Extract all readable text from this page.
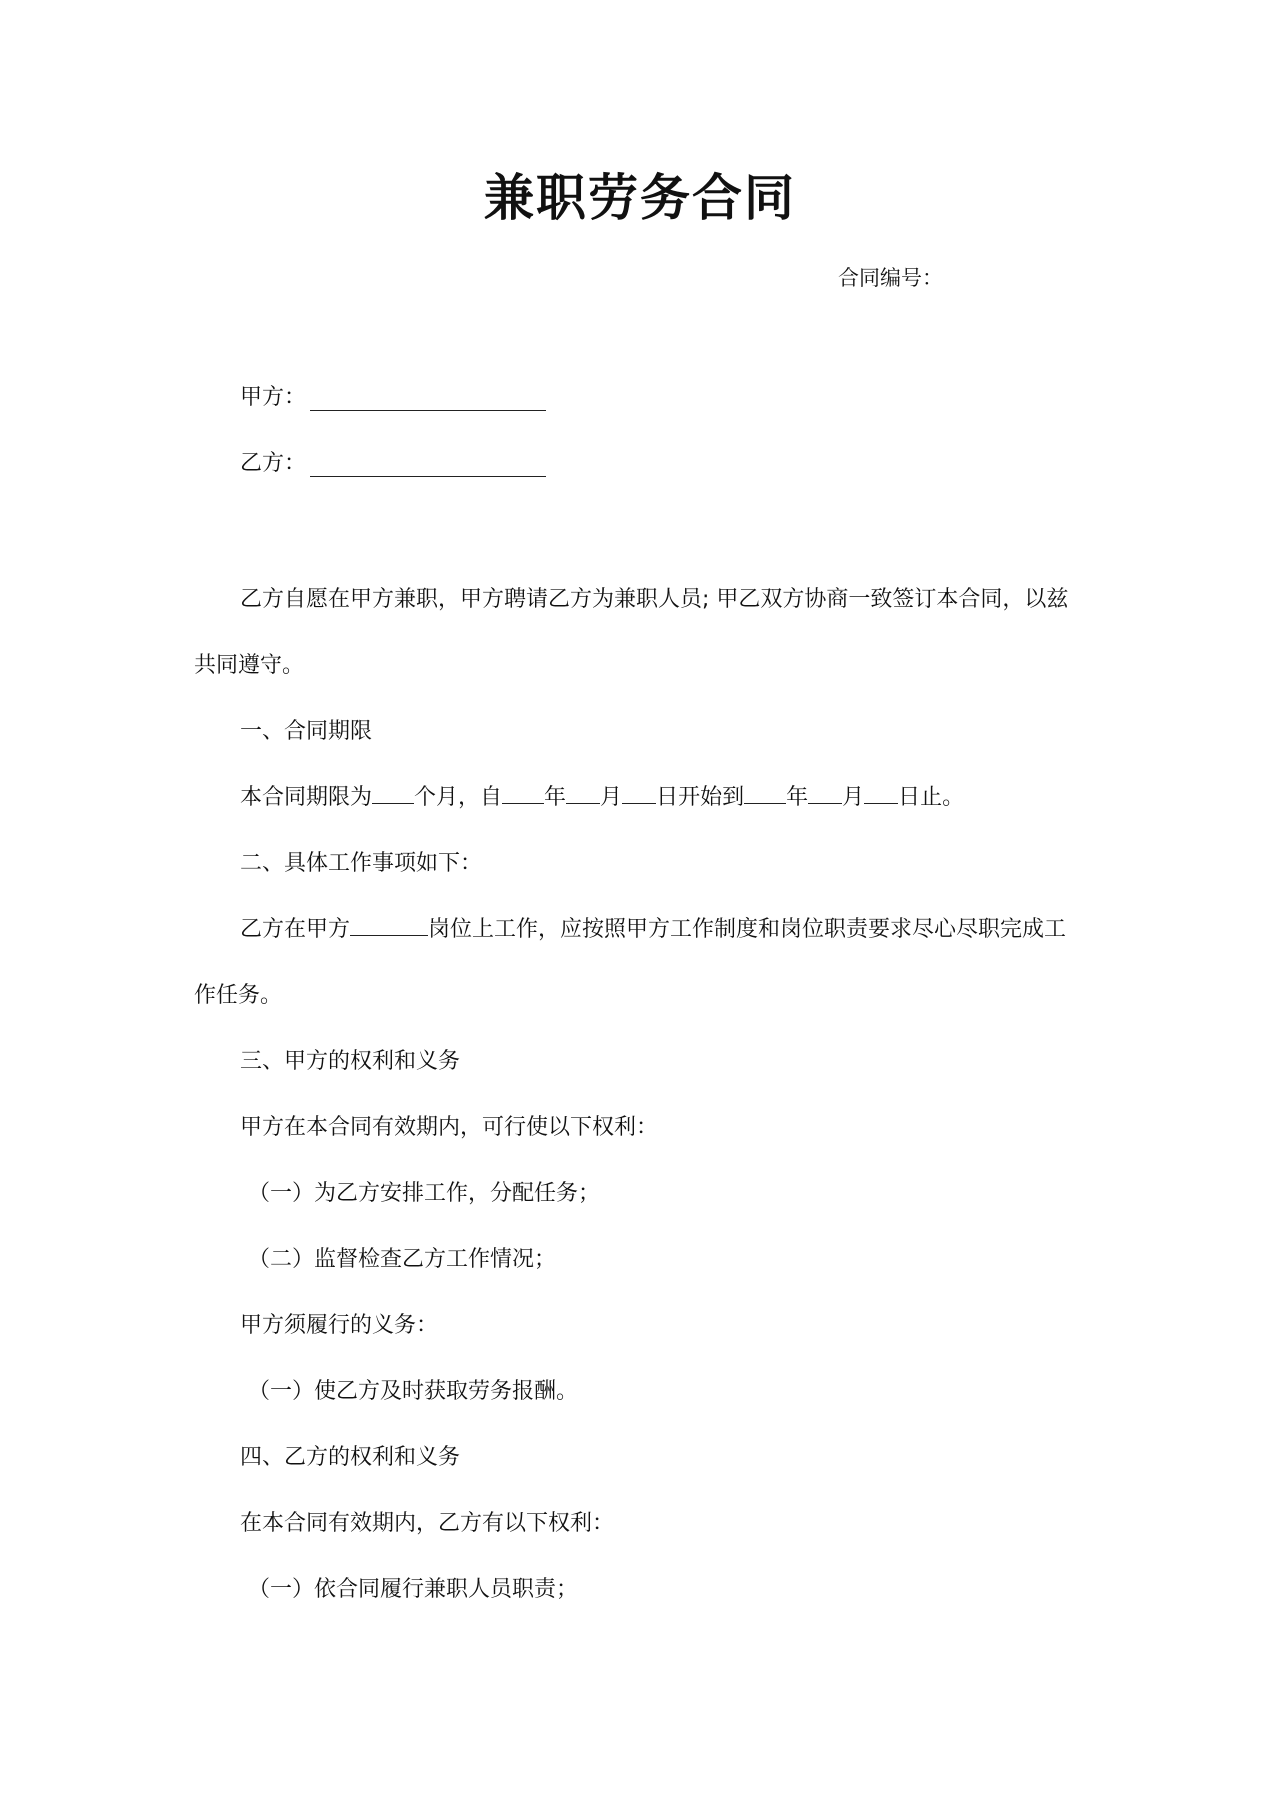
兼职劳务合同
合同编号：
甲方：
乙方：
乙方自愿在甲方兼职，甲方聘请乙方为兼职人员; 甲乙双方协商一致签订本合同，以兹
共同遵守。
一、合同期限
本合同期限为 个月，自 年 月 日开始到 年 月 日止。
二、具体工作事项如下：
乙方在甲方	岗位上工作，应按照甲方工作制度和岗位职责要求尽心尽职完成工
作任务。
三、甲方的权利和义务
甲方在本合同有效期内，可行使以下权利：
（一）为乙方安排工作，分配任务；
（二）监督检查乙方工作情况；
甲方须履行的义务：
（一）使乙方及时获取劳务报酬。
四、乙方的权利和义务
在本合同有效期内，乙方有以下权利：
（一）依合同履行兼职人员职责；
